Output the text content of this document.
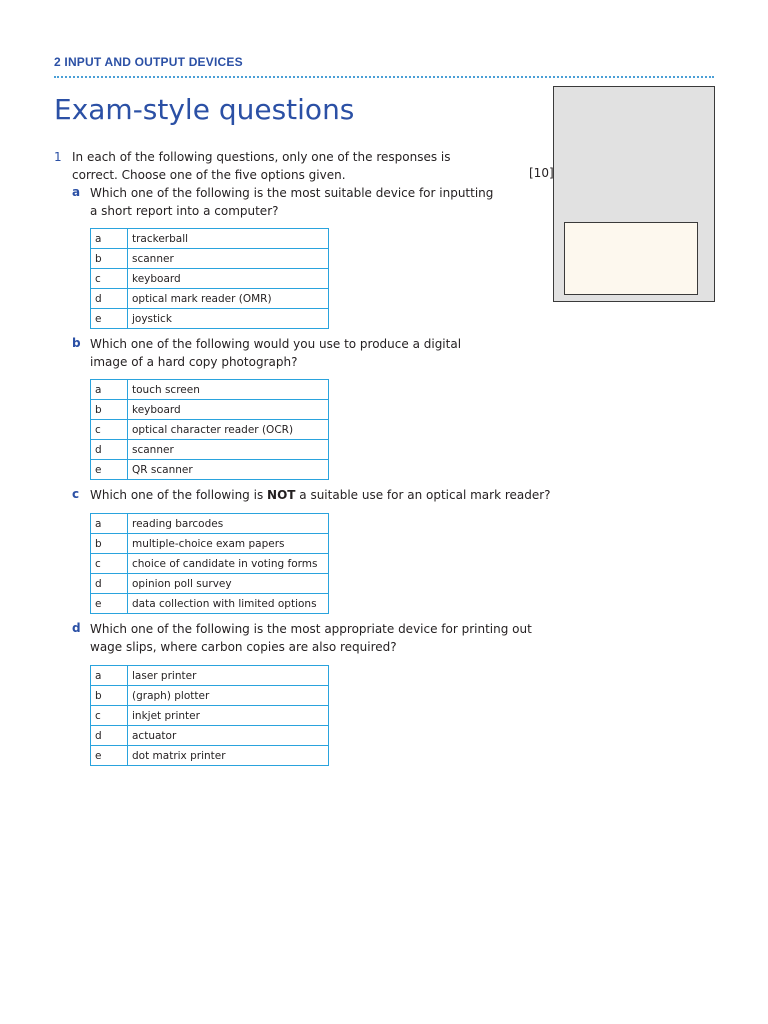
2 INPUT AND OUTPUT DEVICES
Exam-style questions
1 In each of the following questions, only one of the responses is
correct. Choose one of the five options given.	[10]
a Which one of the following is the most suitable device for inputting
a short report into a computer?
a	trackerball
b	scanner
c	keyboard
d	optical mark reader (OMR)
e	joystick
b Which one of the following would you use to produce a digital
image of a hard copy photograph?
a	touch screen
b	keyboard
c	optical character reader (OCR)
d	scanner
e	QR scanner
c Which one of the following is NOT a suitable use for an optical mark reader?
a	reading barcodes
b	multiple-choice exam papers
c	choice of candidate in voting forms
d	opinion poll survey
e	data collection with limited options
d Which one of the following is the most appropriate device for printing out
wage slips, where carbon copies are also required?
a	laser printer
b	(graph) plotter
c	inkjet printer
d	actuator
e	dot matrix printer
